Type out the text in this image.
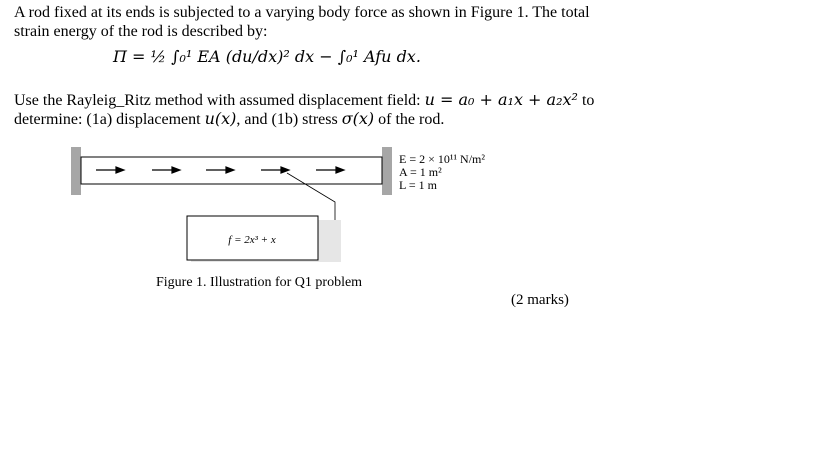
A rod fixed at its ends is subjected to a varying body force as shown in Figure 1. The total
strain energy of the rod is described by:
Π = ½ ∫₀¹ EA (du/dx)² dx − ∫₀¹ Afu dx.
Use the Rayleig_Ritz method with assumed displacement field: u = a₀ + a₁x + a₂x² to
determine: (1a) displacement u(x), and (1b) stress σ(x) of the rod.
f = 2x³ + x
E = 2 × 10¹¹ N/m²
A = 1 m²
L = 1 m
Figure 1. Illustration for Q1 problem
(2 marks)
